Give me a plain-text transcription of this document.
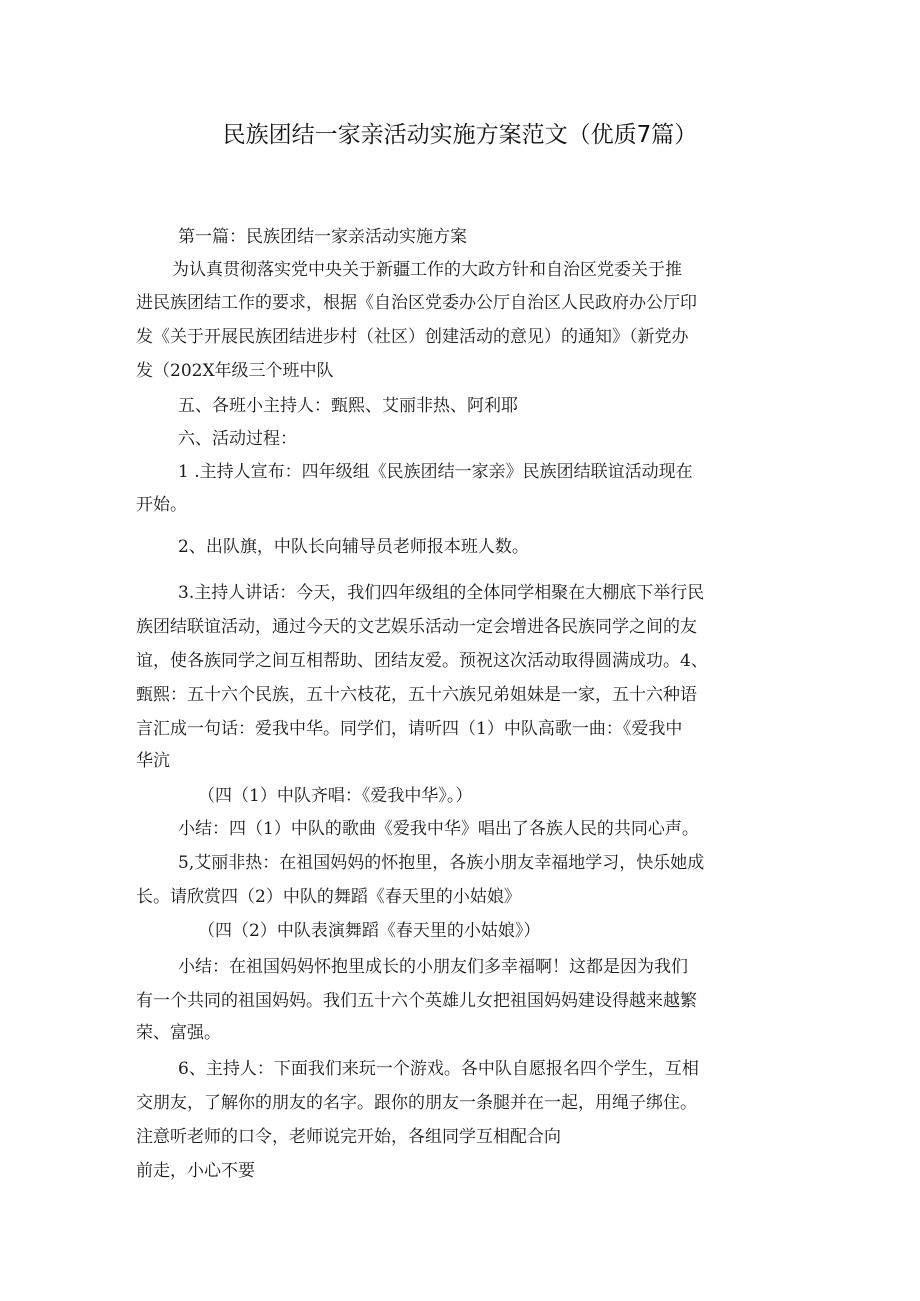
民族团结一家亲活动实施方案范文（优质7篇）
第一篇：民族团结一家亲活动实施方案
为认真贯彻落实党中央关于新疆工作的大政方针和自治区党委关于推
进民族团结工作的要求，根据《自治区党委办公厅自治区人民政府办公厅印
发《关于开展民族团结进步村（社区）创建活动的意见）的通知》（新党办
发（202X年级三个班中队
五、各班小主持人：甄熙、艾丽非热、阿利耶
六、活动过程：
1 .主持人宣布：四年级组《民族团结一家亲》民族团结联谊活动现在
开始。
2、出队旗，中队长向辅导员老师报本班人数。
3.主持人讲话：今天，我们四年级组的全体同学相聚在大棚底下举行民
族团结联谊活动，通过今天的文艺娱乐活动一定会增进各民族同学之间的友
谊，使各族同学之间互相帮助、团结友爱。预祝这次活动取得圆满成功。4、
甄熙：五十六个民族，五十六枝花，五十六族兄弟姐妹是一家，五十六种语
言汇成一句话：爱我中华。同学们，请听四（1）中队高歌一曲：《爱我中
华沆
（四（1）中队齐唱：《爱我中华》。）
小结：四（1）中队的歌曲《爱我中华》唱出了各族人民的共同心声。
5,艾丽非热：在祖国妈妈的怀抱里，各族小朋友幸福地学习，快乐她成
长。请欣赏四（2）中队的舞蹈《春天里的小姑娘》
（四（2）中队表演舞蹈《春天里的小姑娘》）
小结：在祖国妈妈怀抱里成长的小朋友们多幸福啊！这都是因为我们
有一个共同的祖国妈妈。我们五十六个英雄儿女把祖国妈妈建设得越来越繁
荣、富强。
6、主持人：下面我们来玩一个游戏。各中队自愿报名四个学生，互相
交朋友，了解你的朋友的名字。跟你的朋友一条腿并在一起，用绳子绑住。
注意听老师的口令，老师说完开始，各组同学互相配合向
前走，小心不要
